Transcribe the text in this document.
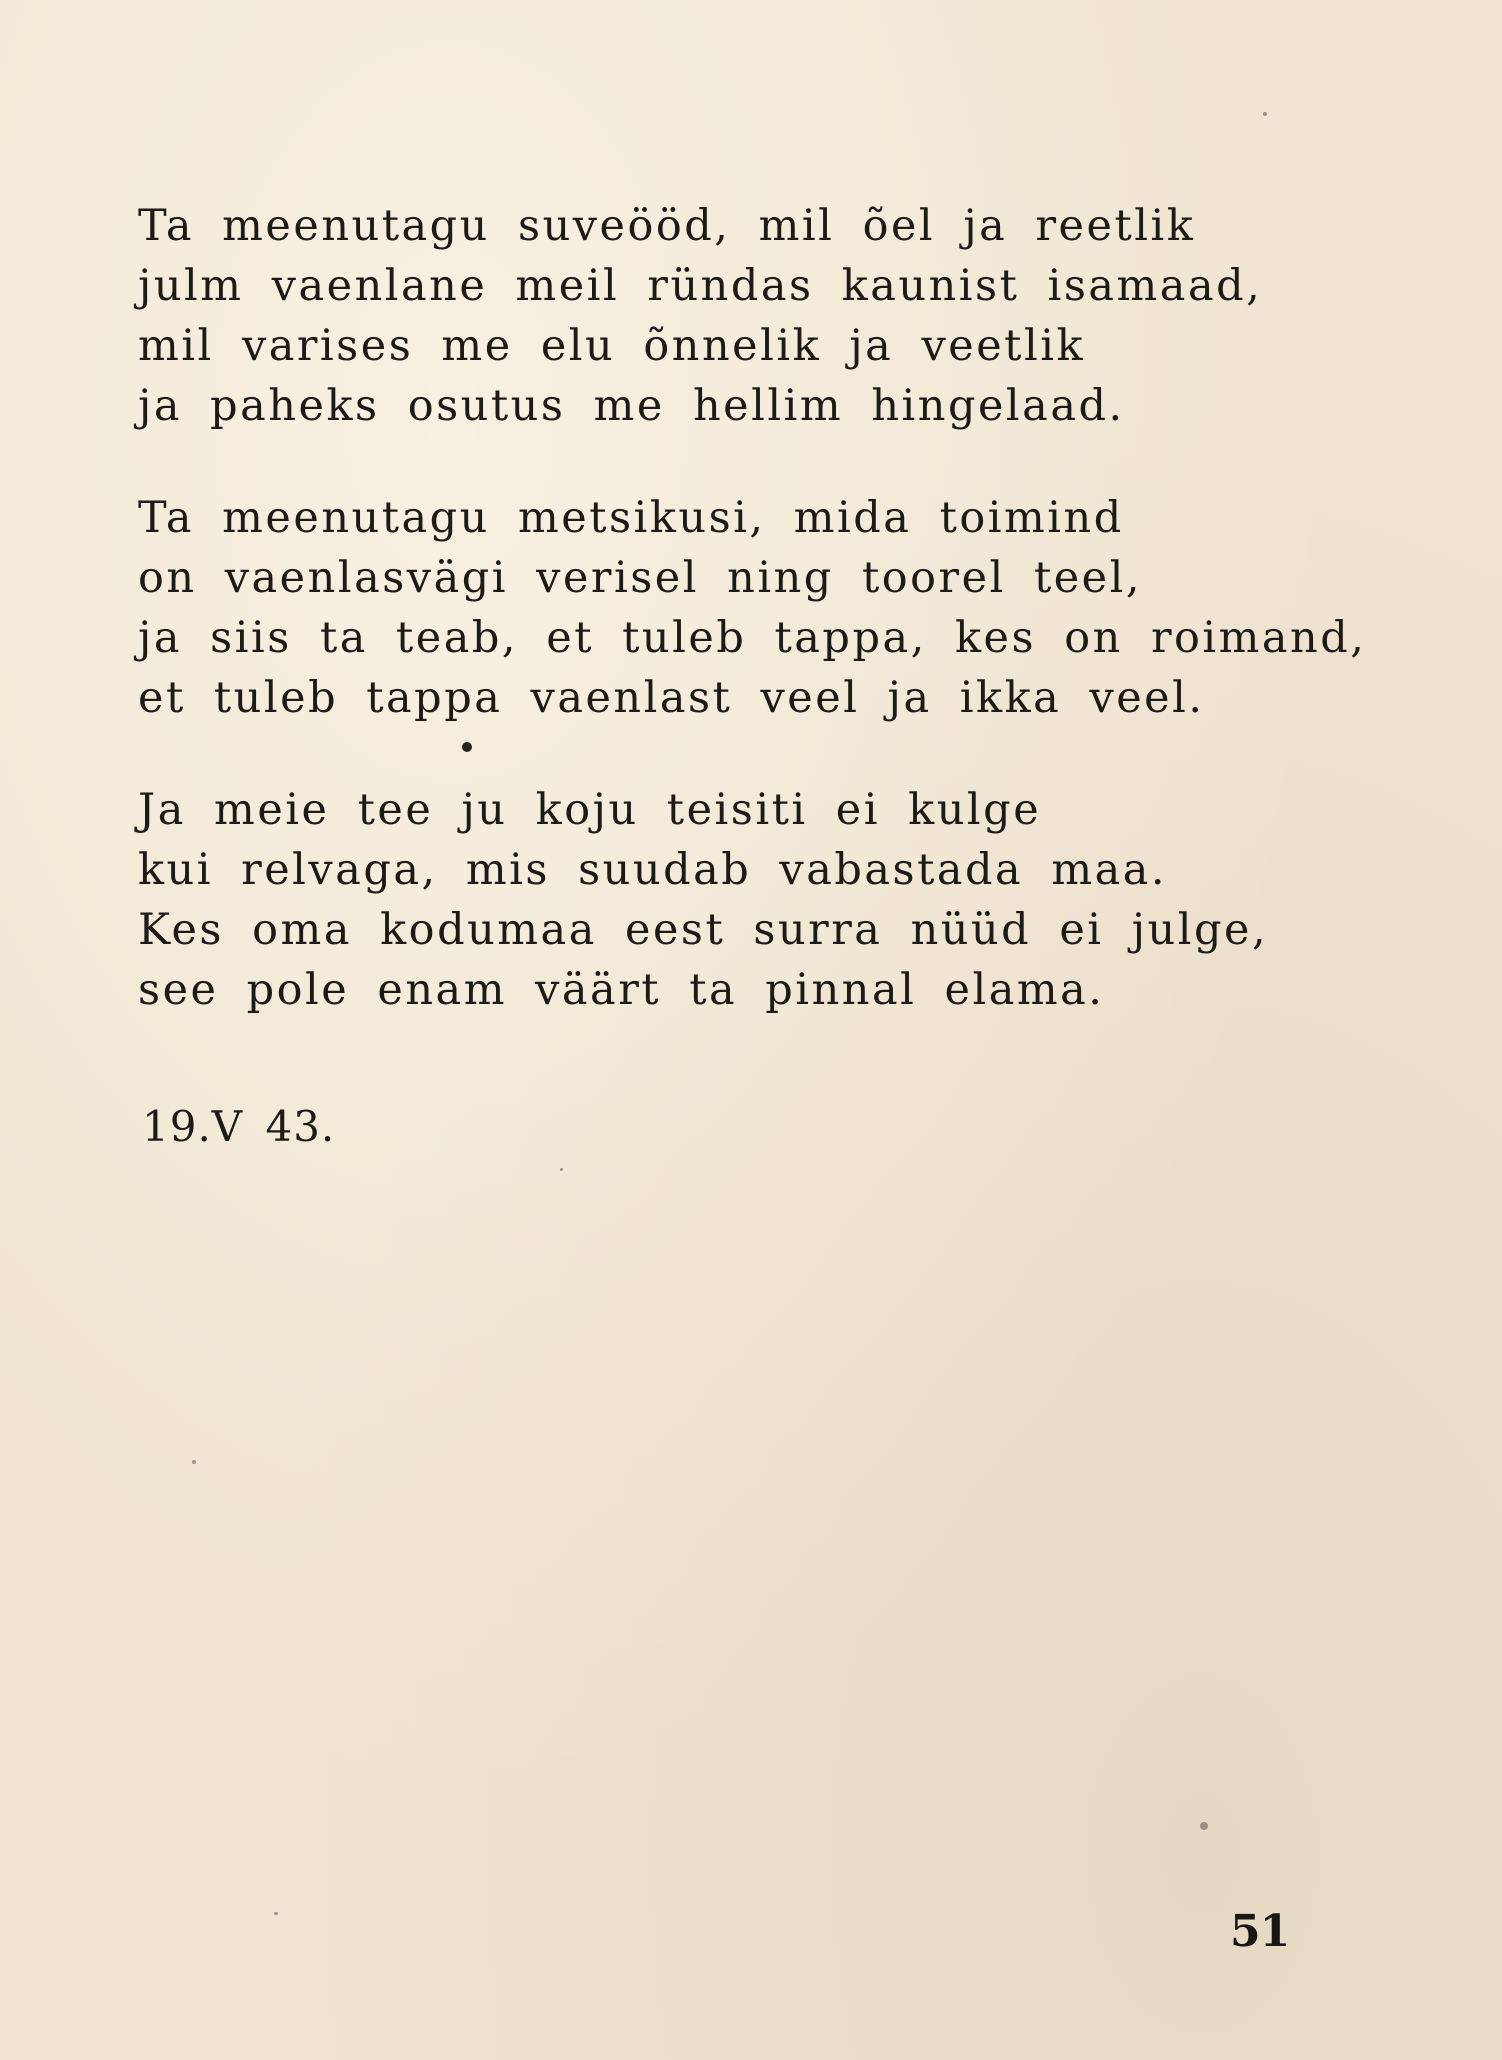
Ta meenutagu suveööd, mil õel ja reetlik
julm vaenlane meil ründas kaunist isamaad,
mil varises me elu õnnelik ja veetlik
ja paheks osutus me hellim hingelaad.
Ta meenutagu metsikusi, mida toimind
on vaenlasvägi verisel ning toorel teel,
ja siis ta teab, et tuleb tappa, kes on roimand,
et tuleb tappa vaenlast veel ja ikka veel.
Ja meie tee ju koju teisiti ei kulge
kui relvaga, mis suudab vabastada maa.
Kes oma kodumaa eest surra nüüd ei julge,
see pole enam väärt ta pinnal elama.
19.V 43.
51
